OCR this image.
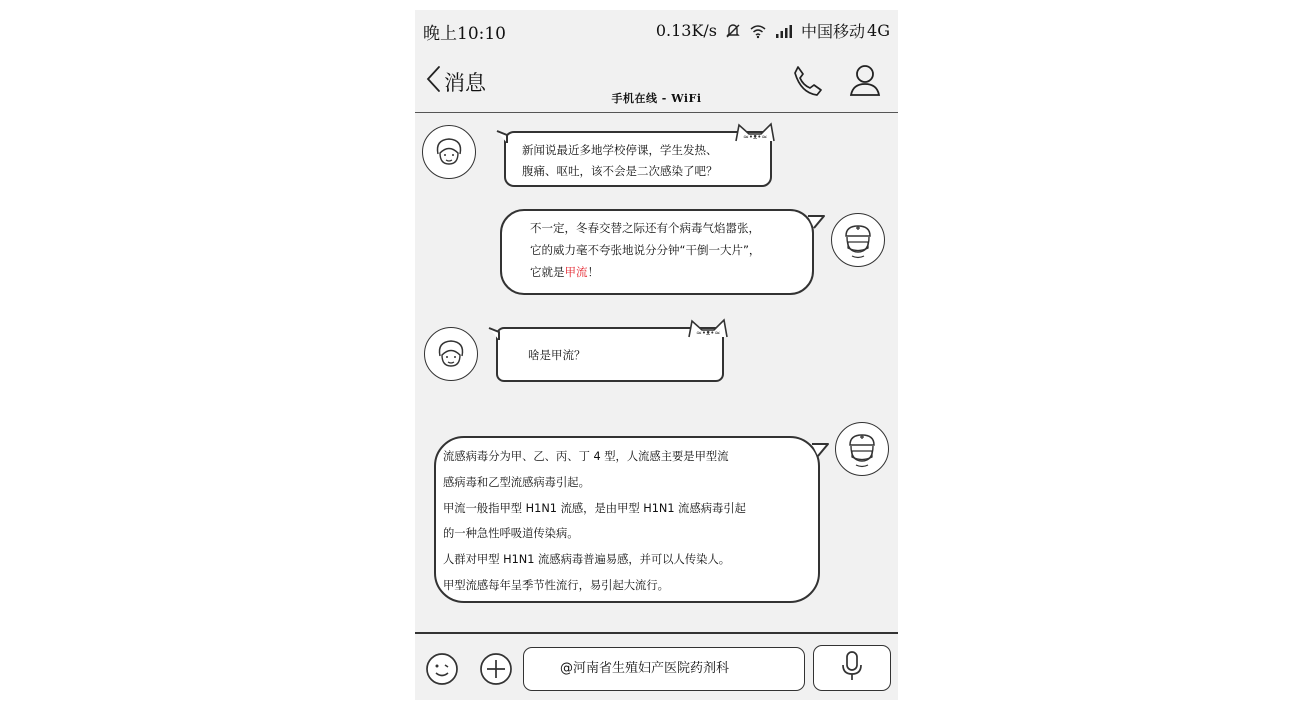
晚上10:10	0.13K/s	中国移动 4G
消息
手机在线 - WiFi
新闻说最近多地学校停课，学生发热、
腹痛、呕吐，该不会是二次感染了吧？
≈•ᴥ•≈
不一定，冬春交替之际还有个病毒气焰嚣张，
它的威力毫不夸张地说分分钟“干倒一大片”，
它就是甲流！
啥是甲流？
≈•ᴥ•≈
流感病毒分为甲、乙、丙、丁 4 型，人流感主要是甲型流
感病毒和乙型流感病毒引起。
甲流一般指甲型 H1N1 流感，是由甲型 H1N1 流感病毒引起
的一种急性呼吸道传染病。
人群对甲型 H1N1 流感病毒普遍易感，并可以人传染人。
甲型流感每年呈季节性流行，易引起大流行。
@河南省生殖妇产医院药剂科
